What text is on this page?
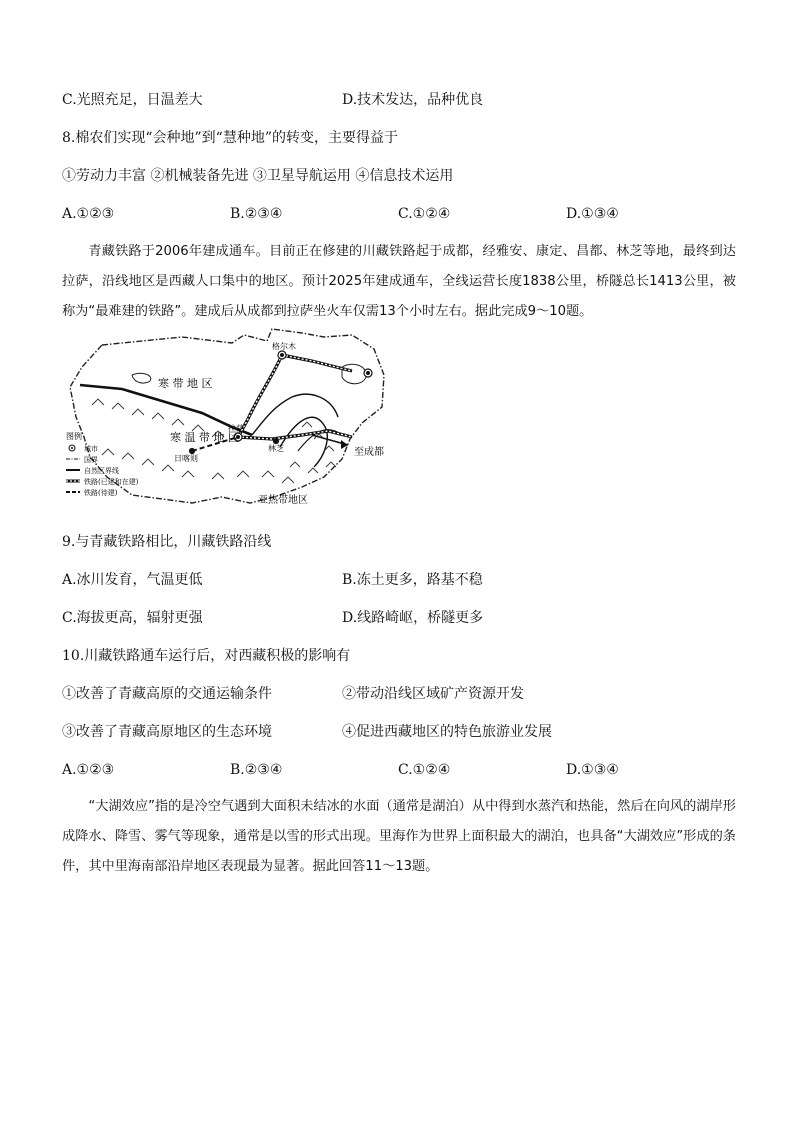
C.光照充足，日温差大	D.技术发达，品种优良
8.棉农们实现“会种地”到“慧种地”的转变，主要得益于
①劳动力丰富 ②机械装备先进 ③卫星导航运用 ④信息技术运用
A.①②③	B.②③④	C.①②④	D.①③④

青藏铁路于2006年建成通车。目前正在修建的川藏铁路起于成都，经雅安、康定、昌都、林芝等地，最终到达拉萨，沿线地区是西藏人口集中的地区。预计2025年建成通车，全线运营长度1838公里，桥隧总长1413公里，被称为“最难建的铁路”。建成后从成都到拉萨坐火车仅需13个小时左右。据此完成9～10题。

寒 带 地 区
寒 温 带 地 区
亚热带地区
至成都
格尔木
拉萨
日喀则
林芝
图例
城市
国界
自然区界线
铁路(已建和在建)
铁路(待建)
9.与青藏铁路相比，川藏铁路沿线
A.冰川发育，气温更低	B.冻土更多，路基不稳
C.海拔更高，辐射更强	D.线路崎岖，桥隧更多
10.川藏铁路通车运行后，对西藏积极的影响有
①改善了青藏高原的交通运输条件	②带动沿线区域矿产资源开发
③改善了青藏高原地区的生态环境	④促进西藏地区的特色旅游业发展
A.①②③	B.②③④	C.①②④	D.①③④

“大湖效应”指的是冷空气遇到大面积未结冰的水面（通常是湖泊）从中得到水蒸汽和热能，然后在向风的湖岸形成降水、降雪、雾气等现象，通常是以雪的形式出现。里海作为世界上面积最大的湖泊，也具备“大湖效应”形成的条件，其中里海南部沿岸地区表现最为显著。据此回答11～13题。
